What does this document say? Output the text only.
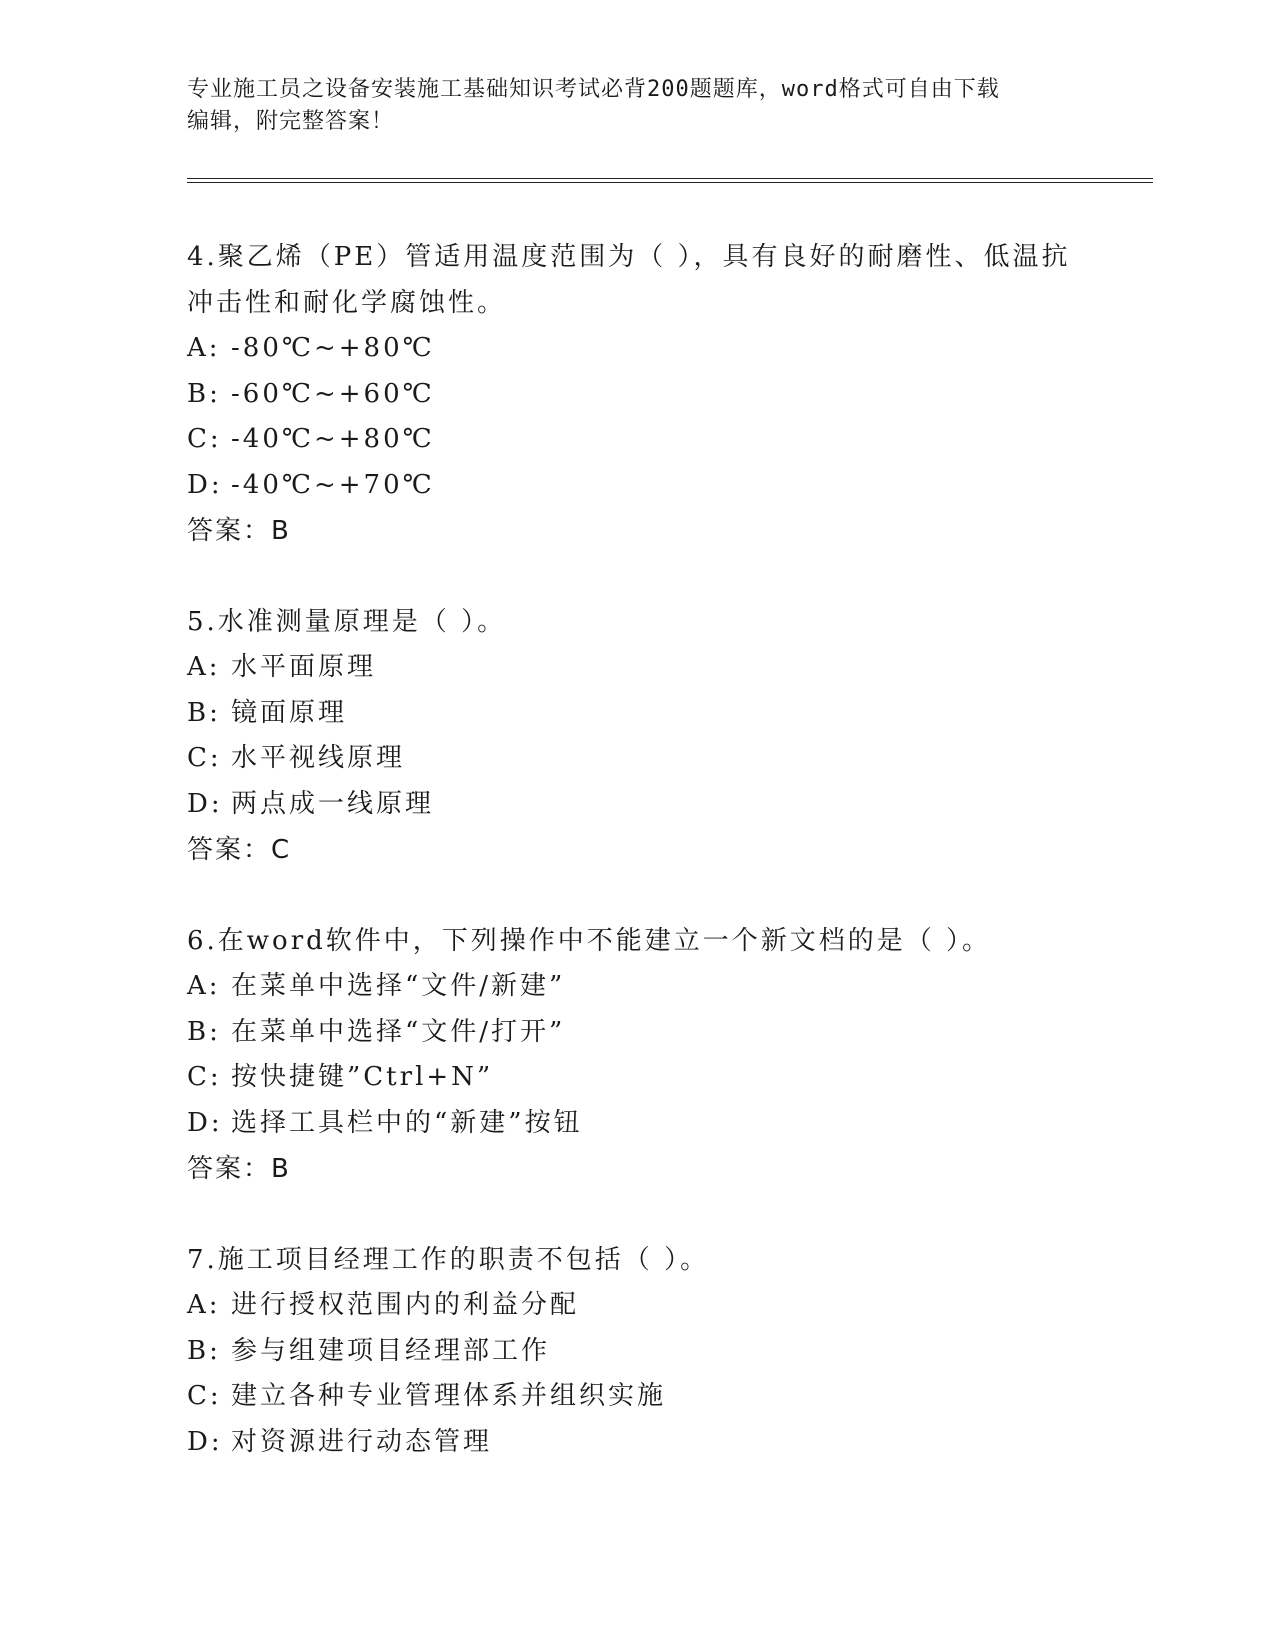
专业施工员之设备安装施工基础知识考试必背200题题库，word格式可自由下载
编辑，附完整答案！

4.聚乙烯（PE）管适用温度范围为（ ），具有良好的耐磨性、低温抗冲击性和耐化学腐蚀性。

A: -80℃~+80℃

B: -60℃~+60℃

C: -40℃~+80℃

D: -40℃~+70℃

答案：B

5.水准测量原理是（ ）。

A: 水平面原理

B: 镜面原理

C: 水平视线原理

D: 两点成一线原理

答案：C

6.在word软件中，下列操作中不能建立一个新文档的是（ ）。

A: 在菜单中选择“文件/新建”

B: 在菜单中选择“文件/打开”

C: 按快捷键”Ctrl+N”

D: 选择工具栏中的“新建”按钮

答案：B

7.施工项目经理工作的职责不包括（ ）。

A: 进行授权范围内的利益分配

B: 参与组建项目经理部工作

C: 建立各种专业管理体系并组织实施

D: 对资源进行动态管理
